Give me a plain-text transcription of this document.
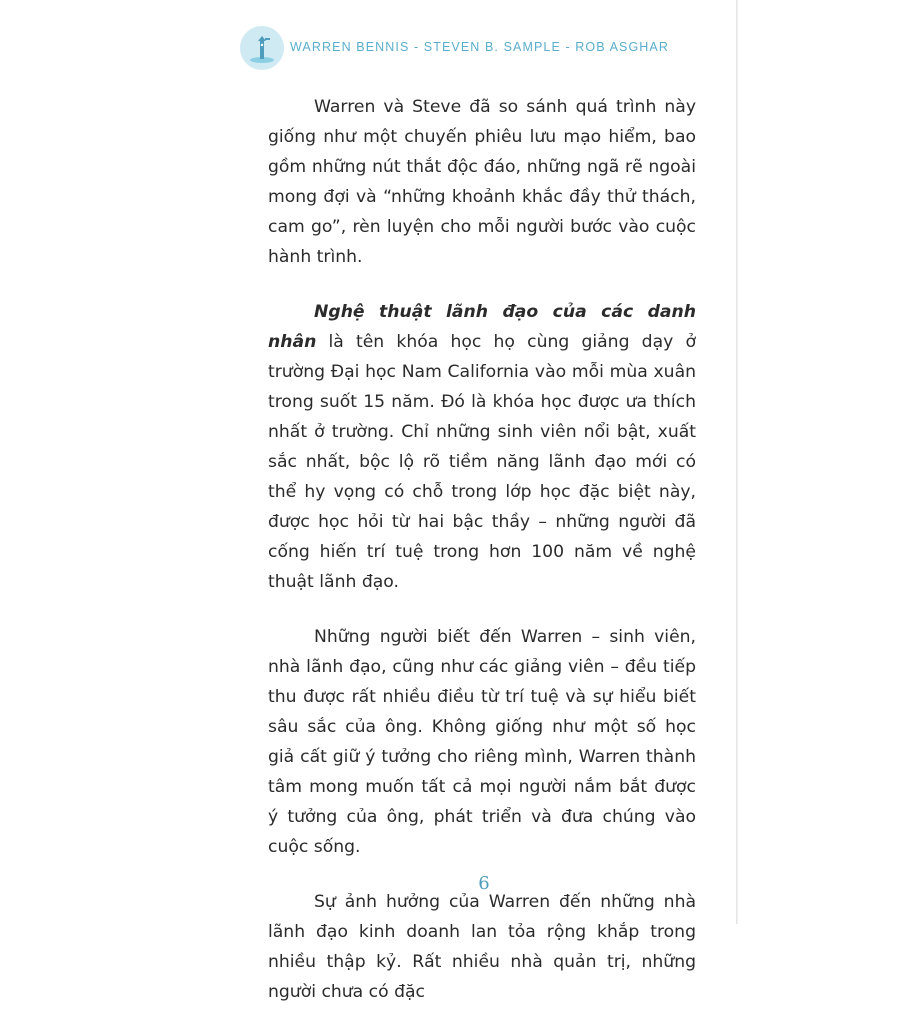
WARREN BENNIS - STEVEN B. SAMPLE - ROB ASGHAR

Warren và Steve đã so sánh quá trình này giống như một chuyến phiêu lưu mạo hiểm, bao gồm những nút thắt độc đáo, những ngã rẽ ngoài mong đợi và “những khoảnh khắc đầy thử thách, cam go”, rèn luyện cho mỗi người bước vào cuộc hành trình.

Nghệ thuật lãnh đạo của các danh nhân là tên khóa học họ cùng giảng dạy ở trường Đại học Nam California vào mỗi mùa xuân trong suốt 15 năm. Đó là khóa học được ưa thích nhất ở trường. Chỉ những sinh viên nổi bật, xuất sắc nhất, bộc lộ rõ tiềm năng lãnh đạo mới có thể hy vọng có chỗ trong lớp học đặc biệt này, được học hỏi từ hai bậc thầy – những người đã cống hiến trí tuệ trong hơn 100 năm về nghệ thuật lãnh đạo.

Những người biết đến Warren – sinh viên, nhà lãnh đạo, cũng như các giảng viên – đều tiếp thu được rất nhiều điều từ trí tuệ và sự hiểu biết sâu sắc của ông. Không giống như một số học giả cất giữ ý tưởng cho riêng mình, Warren thành tâm mong muốn tất cả mọi người nắm bắt được ý tưởng của ông, phát triển và đưa chúng vào cuộc sống.

Sự ảnh hưởng của Warren đến những nhà lãnh đạo kinh doanh lan tỏa rộng khắp trong nhiều thập kỷ. Rất nhiều nhà quản trị, những người chưa có đặc

6
